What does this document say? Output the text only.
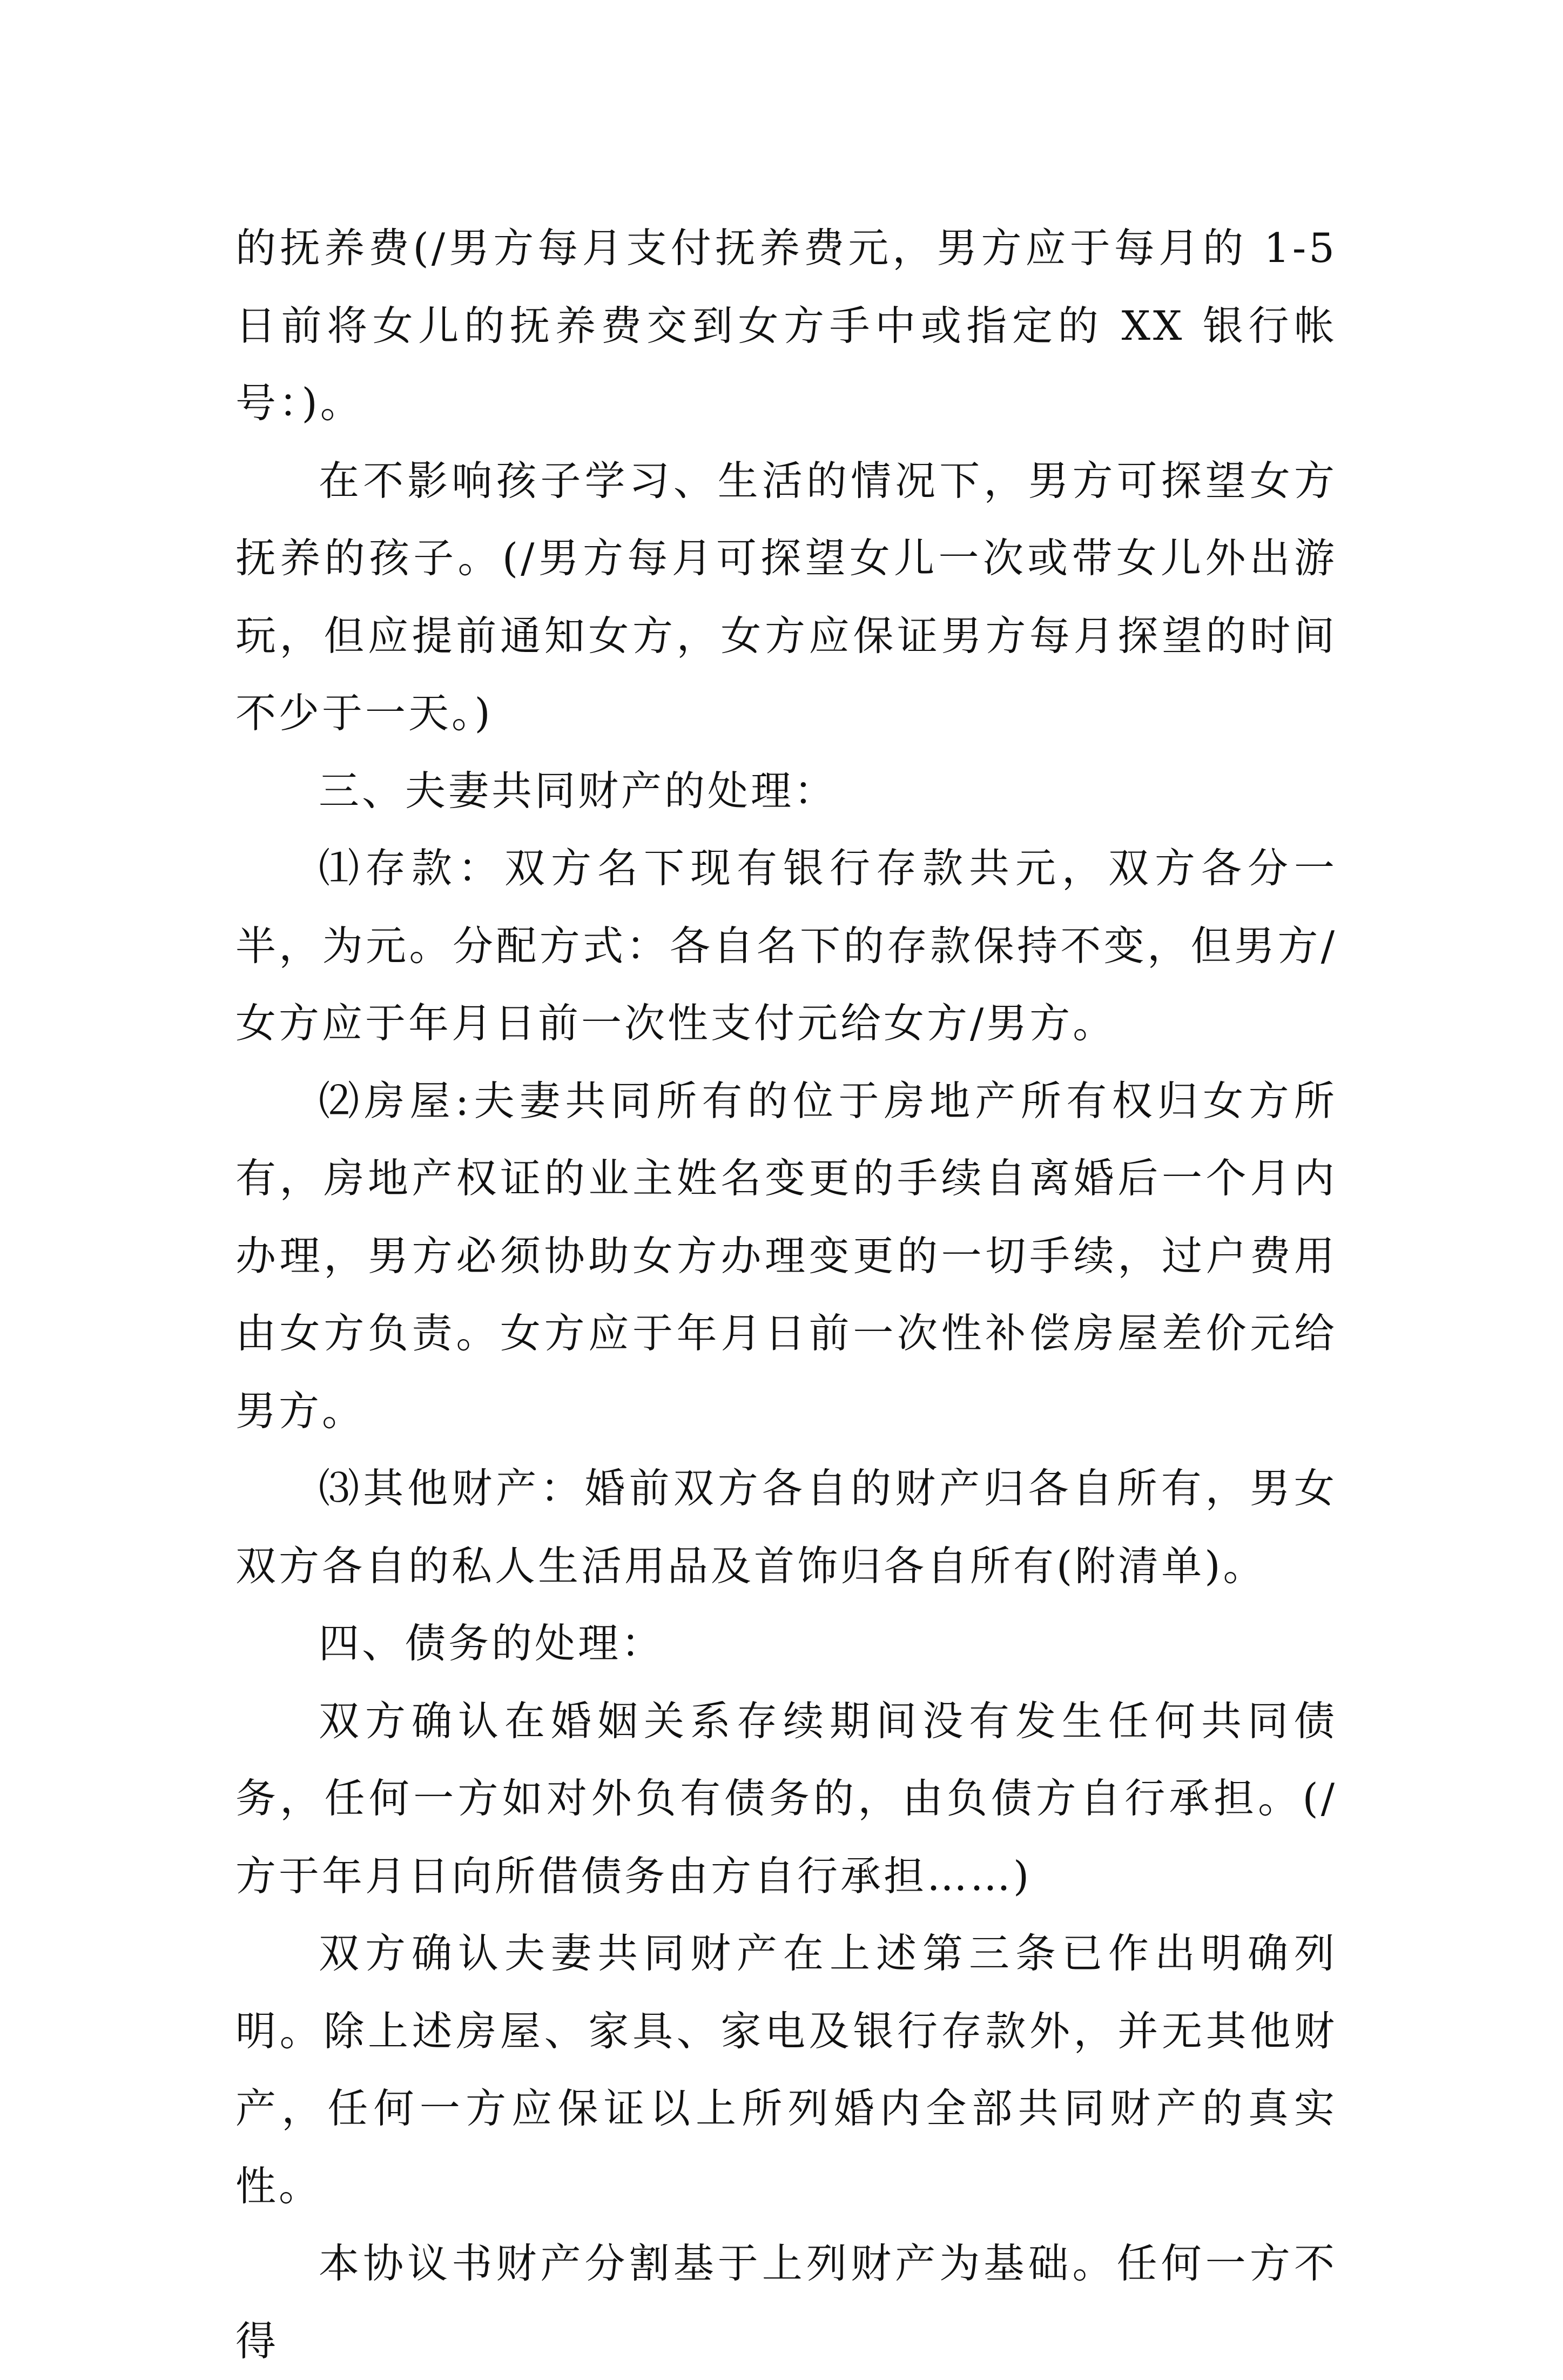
的抚养费(/男方每月支付抚养费元，男方应于每月的 1-5 日前将女儿的抚养费交到女方手中或指定的 XX 银行帐号：)。

在不影响孩子学习、生活的情况下，男方可探望女方抚养的孩子。(/男方每月可探望女儿一次或带女儿外出游玩，但应提前通知女方，女方应保证男方每月探望的时间不少于一天。)

三、夫妻共同财产的处理：

⑴存款：双方名下现有银行存款共元，双方各分一半，为元。分配方式：各自名下的存款保持不变，但男方/女方应于年月日前一次性支付元给女方/男方。

⑵房屋:夫妻共同所有的位于房地产所有权归女方所有，房地产权证的业主姓名变更的手续自离婚后一个月内办理，男方必须协助女方办理变更的一切手续，过户费用由女方负责。女方应于年月日前一次性补偿房屋差价元给男方。

⑶其他财产：婚前双方各自的财产归各自所有，男女双方各自的私人生活用品及首饰归各自所有(附清单)。

四、债务的处理：

双方确认在婚姻关系存续期间没有发生任何共同债务，任何一方如对外负有债务的，由负债方自行承担。(/方于年月日向所借债务由方自行承担……)

双方确认夫妻共同财产在上述第三条已作出明确列明。除上述房屋、家具、家电及银行存款外，并无其他财产，任何一方应保证以上所列婚内全部共同财产的真实性。

本协议书财产分割基于上列财产为基础。任何一方不得
